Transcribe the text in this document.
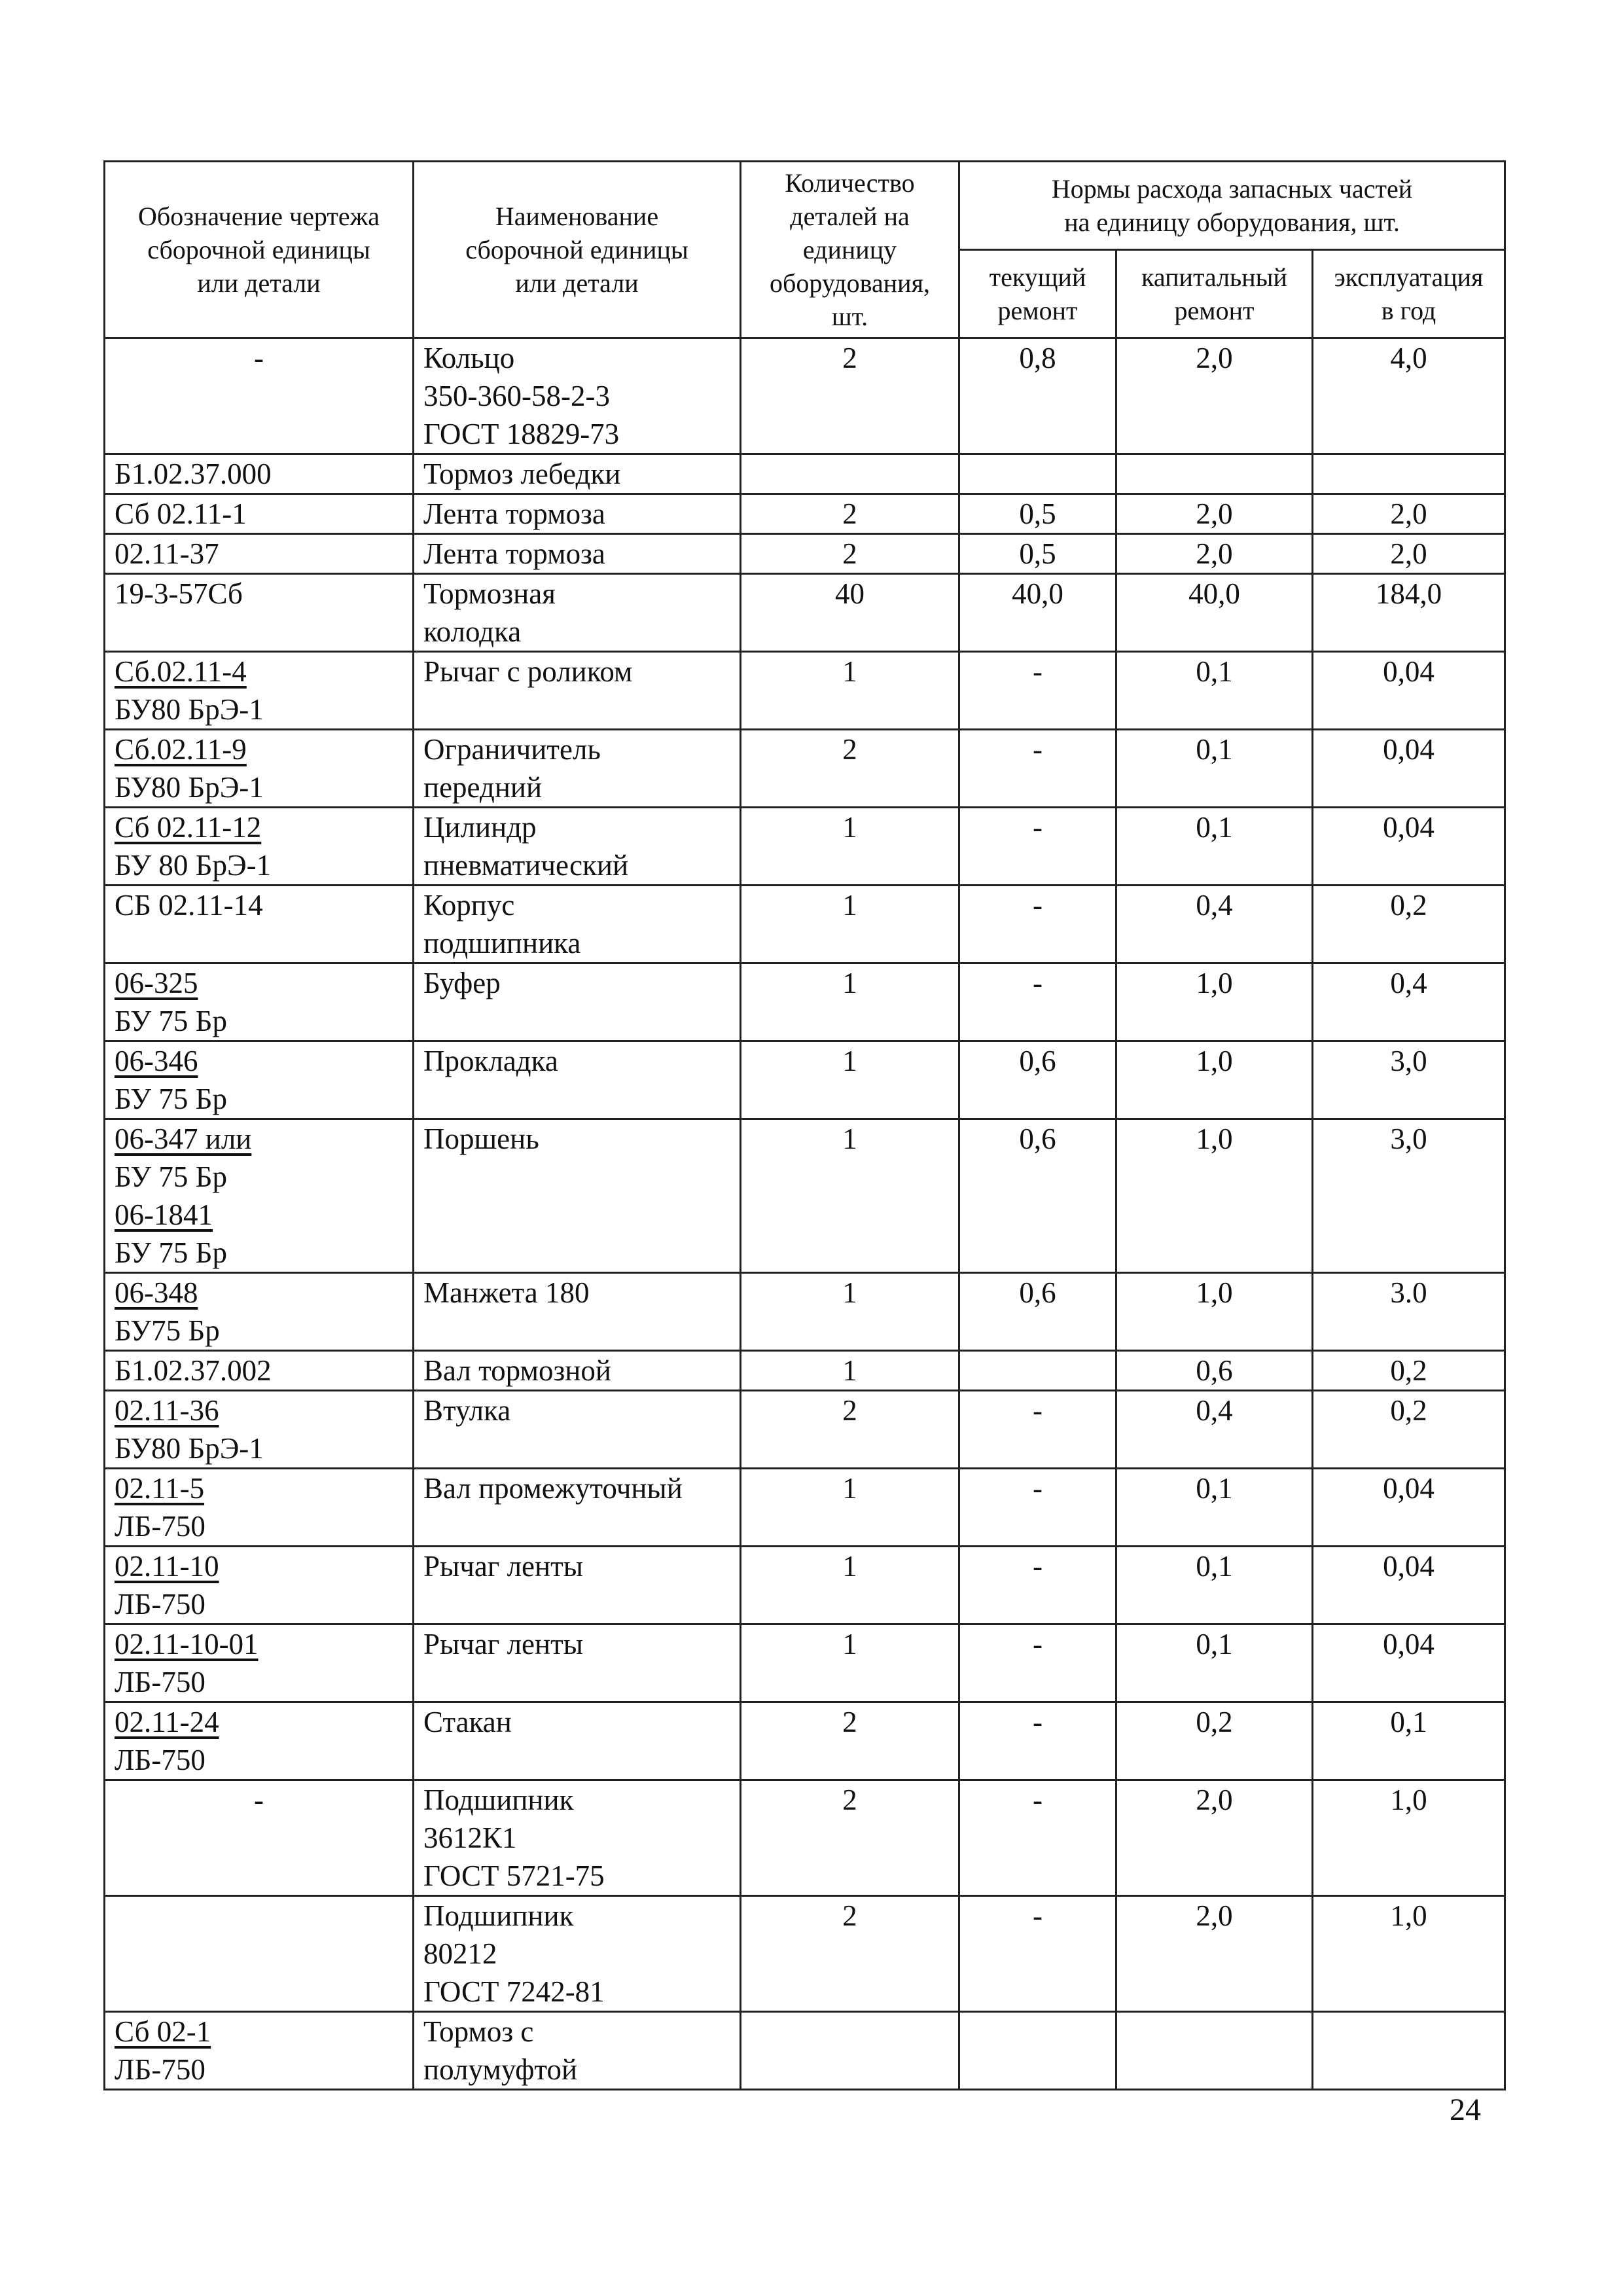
Обозначение чертежа
сборочной единицы
или детали	Наименование
сборочной единицы
или детали	Количество
деталей на
единицу
оборудования,
шт.	Нормы расхода запасных частей
на единицу оборудования, шт.		

			текущий
ремонт	капитальный
ремонт	эксплуатация
в год

-	Кольцо
350-360-58-2-3
ГОСТ 18829-73	2	0,8	2,0	4,0

Б1.02.37.000	Тормоз лебедки				

Сб 02.11-1	Лента тормоза	2	0,5	2,0	2,0

02.11-37	Лента тормоза	2	0,5	2,0	2,0

19-3-57Сб	Тормозная
колодка	40	40,0	40,0	184,0

Сб.02.11-4
БУ80 БрЭ-1	Рычаг с роликом	1	-	0,1	0,04

Сб.02.11-9
БУ80 БрЭ-1	Ограничитель
передний	2	-	0,1	0,04

Сб 02.11-12
БУ 80 БрЭ-1	Цилиндр
пневматический	1	-	0,1	0,04

СБ 02.11-14	Корпус
подшипника	1	-	0,4	0,2

06-325
БУ 75 Бр	Буфер	1	-	1,0	0,4

06-346
БУ 75 Бр	Прокладка	1	0,6	1,0	3,0

06-347 или
БУ 75 Бр
06-1841
БУ 75 Бр	Поршень	1	0,6	1,0	3,0

06-348
БУ75 Бр	Манжета 180	1	0,6	1,0	3.0

Б1.02.37.002	Вал тормозной	1		0,6	0,2

02.11-36
БУ80 БрЭ-1	Втулка	2	-	0,4	0,2

02.11-5
ЛБ-750	Вал промежуточный	1	-	0,1	0,04

02.11-10
ЛБ-750	Рычаг ленты	1	-	0,1	0,04

02.11-10-01
ЛБ-750	Рычаг ленты	1	-	0,1	0,04

02.11-24
ЛБ-750	Стакан	2	-	0,2	0,1

-	Подшипник
3612К1
ГОСТ 5721-75	2	-	2,0	1,0

	Подшипник
80212
ГОСТ 7242-81	2	-	2,0	1,0

Сб 02-1
ЛБ-750	Тормоз с
полумуфтой				

24
